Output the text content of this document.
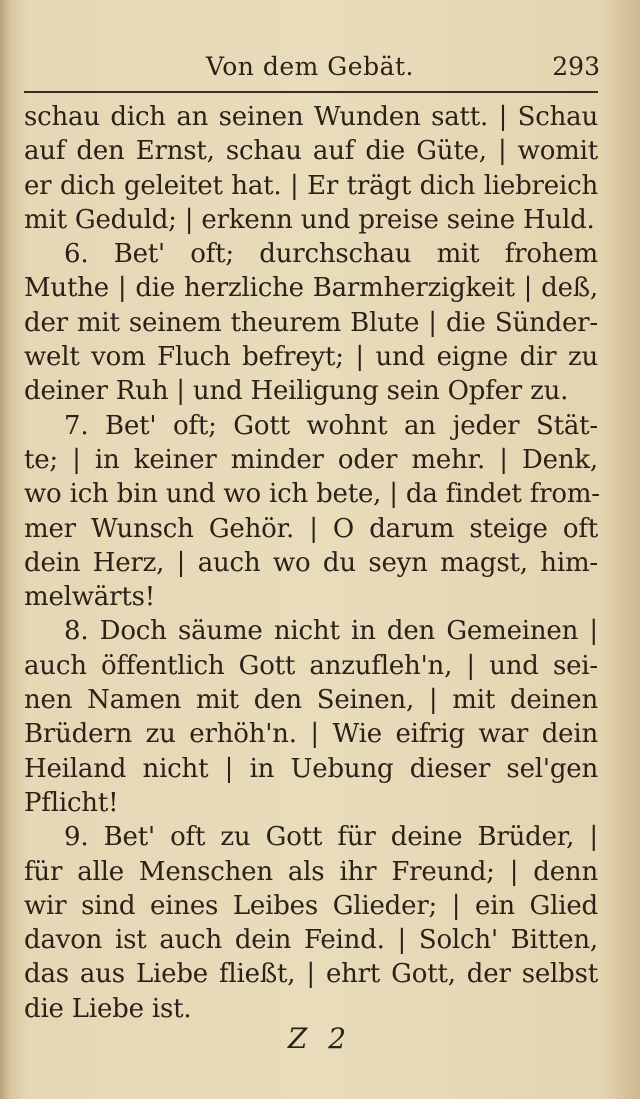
Von dem Gebät.	293
schau dich an seinen Wunden satt. | Schau
auf den Ernst, schau auf die Güte, | womit
er dich geleitet hat. | Er trägt dich liebreich
mit Geduld; | erkenn und preise seine Huld.
6. Bet' oft; durchschau mit frohem
Muthe | die herzliche Barmherzigkeit | deß,
der mit seinem theurem Blute | die Sünder-
welt vom Fluch befreyt; | und eigne dir zu
deiner Ruh | und Heiligung sein Opfer zu.
7. Bet' oft; Gott wohnt an jeder Stät-
te; | in keiner minder oder mehr. | Denk,
wo ich bin und wo ich bete, | da findet from-
mer Wunsch Gehör. | O darum steige oft
dein Herz, | auch wo du seyn magst, him-
melwärts!
8. Doch säume nicht in den Gemeinen |
auch öffentlich Gott anzufleh'n, | und sei-
nen Namen mit den Seinen, | mit deinen
Brüdern zu erhöh'n. | Wie eifrig war dein
Heiland nicht | in Uebung dieser sel'gen
Pflicht!
9. Bet' oft zu Gott für deine Brüder, |
für alle Menschen als ihr Freund; | denn
wir sind eines Leibes Glieder; | ein Glied
davon ist auch dein Feind. | Solch' Bitten,
das aus Liebe fließt, | ehrt Gott, der selbst
die Liebe ist.
Z 2
